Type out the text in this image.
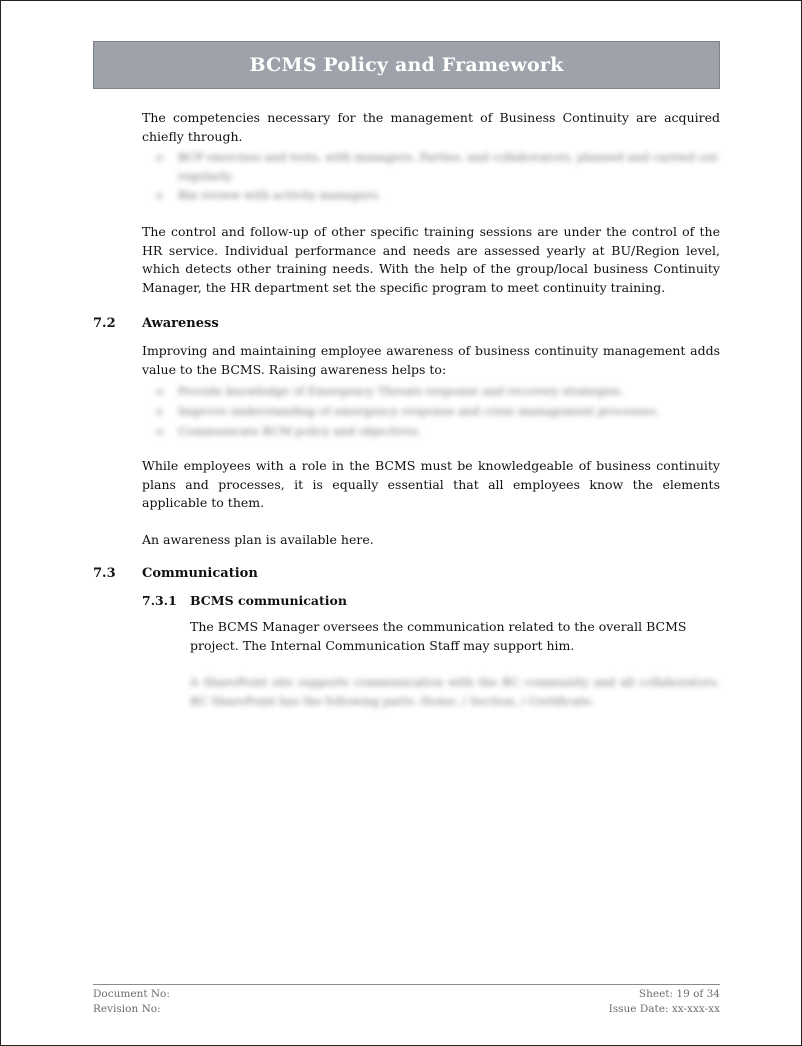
BCMS Policy and Framework

The competencies necessary for the management of Business Continuity are acquired chiefly through.

o	BCP exercises and tests, with managers, Parties, and collaborators, planned and carried out regularly.
o	Bin review with activity managers.

The control and follow-up of other specific training sessions are under the control of the HR service. Individual performance and needs are assessed yearly at BU/Region level, which detects other training needs. With the help of the group/local business Continuity Manager, the HR department set the specific program to meet continuity training.

7.2	Awareness

Improving and maintaining employee awareness of business continuity management adds value to the BCMS. Raising awareness helps to:

o	Provide knowledge of Emergency Threats response and recovery strategies.
o	Improve understanding of emergency response and crisis management processes.
o	Communicate BCM policy and objectives.

While employees with a role in the BCMS must be knowledgeable of business continuity plans and processes, it is equally essential that all employees know the elements applicable to them.

An awareness plan is available here.

7.3	Communication
7.3.1	BCMS communication

The BCMS Manager oversees the communication related to the overall BCMS project. The Internal Communication Staff may support him.

A SharePoint site supports communication with the BC community and all collaborators. BC SharePoint has the following parts: Home, / Section, / Certificate.

Document No:
Revision No:
Sheet: 19 of 34
Issue Date: xx-xxx-xx
